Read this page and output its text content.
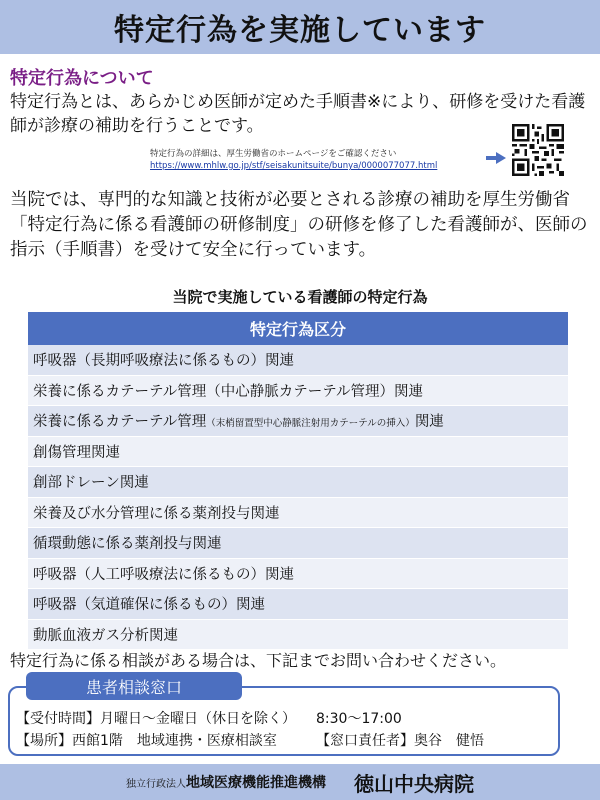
特定行為を実施しています
特定行為について
特定行為とは、あらかじめ医師が定めた手順書※により、研修を受けた看護師が診療の補助を行うことです。
特定行為の詳細は、厚生労働省のホームページをご確認ください
https://www.mhlw.go.jp/stf/seisakunitsuite/bunya/0000077077.html
当院では、専門的な知識と技術が必要とされる診療の補助を厚生労働省「特定行為に係る看護師の研修制度」の研修を修了した看護師が、医師の指示（手順書）を受けて安全に行っています。
当院で実施している看護師の特定行為
特定行為区分
呼吸器（長期呼吸療法に係るもの）関連
栄養に係るカテーテル管理（中心静脈カテーテル管理）関連
栄養に係るカテーテル管理（末梢留置型中心静脈注射用カテーテルの挿入）関連
創傷管理関連
創部ドレーン関連
栄養及び水分管理に係る薬剤投与関連
循環動態に係る薬剤投与関連
呼吸器（人工呼吸療法に係るもの）関連
呼吸器（気道確保に係るもの）関連
動脈血液ガス分析関連
特定行為に係る相談がある場合は、下記までお問い合わせください。
患者相談窓口
【受付時間】月曜日～金曜日（休日を除く） 8:30～17:00
【場所】西館1階　地域連携・医療相談室	【窓口責任者】奥谷　健悟
独立行政法人 地域医療機能推進機構 徳山中央病院
